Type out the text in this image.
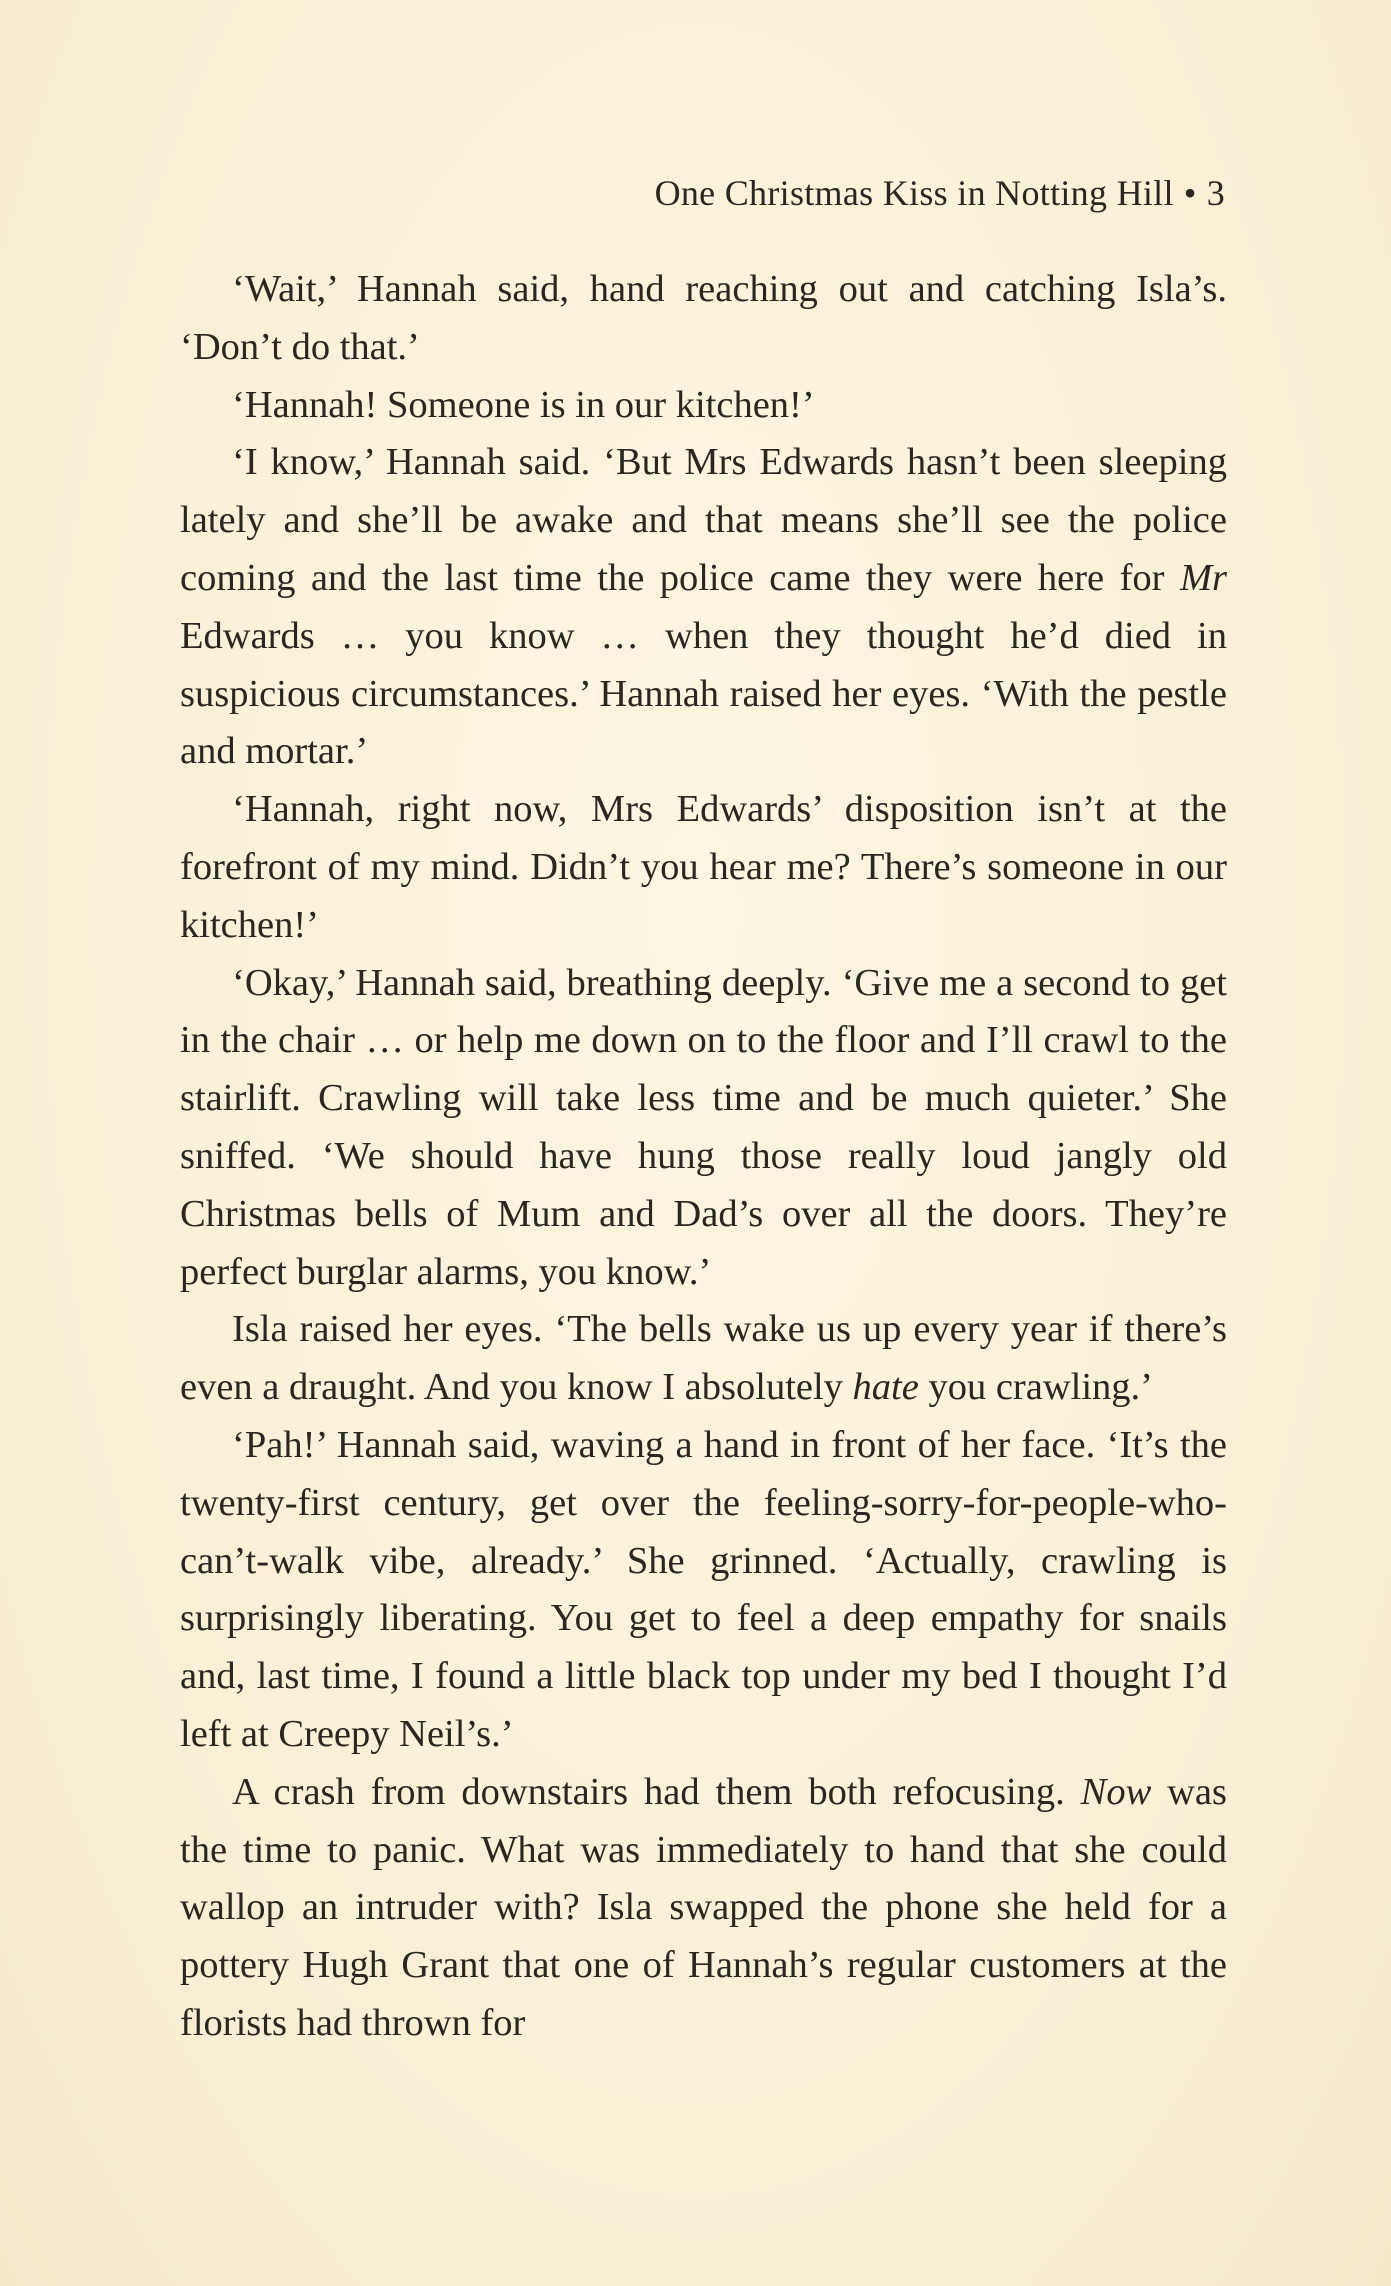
One Christmas Kiss in Notting Hill • 3

‘Wait,’ Hannah said, hand reaching out and catching Isla’s. ‘Don’t do that.’

‘Hannah! Someone is in our kitchen!’

‘I know,’ Hannah said. ‘But Mrs Edwards hasn’t been sleeping lately and she’ll be awake and that means she’ll see the police coming and the last time the police came they were here for Mr Edwards … you know … when they thought he’d died in suspicious circumstances.’ Hannah raised her eyes. ‘With the pestle and mortar.’

‘Hannah, right now, Mrs Edwards’ disposition isn’t at the forefront of my mind. Didn’t you hear me? There’s someone in our kitchen!’

‘Okay,’ Hannah said, breathing deeply. ‘Give me a second to get in the chair … or help me down on to the floor and I’ll crawl to the stairlift. Crawling will take less time and be much quieter.’ She sniffed. ‘We should have hung those really loud jangly old Christmas bells of Mum and Dad’s over all the doors. They’re perfect burglar alarms, you know.’

Isla raised her eyes. ‘The bells wake us up every year if there’s even a draught. And you know I absolutely hate you crawling.’

‘Pah!’ Hannah said, waving a hand in front of her face. ‘It’s the twenty-first century, get over the feeling-sorry-for-people-who-can’t-walk vibe, already.’ She grinned. ‘Actually, crawling is surprisingly liberating. You get to feel a deep empathy for snails and, last time, I found a little black top under my bed I thought I’d left at Creepy Neil’s.’

A crash from downstairs had them both refocusing. Now was the time to panic. What was immediately to hand that she could wallop an intruder with? Isla swapped the phone she held for a pottery Hugh Grant that one of Hannah’s regular customers at the florists had thrown for
